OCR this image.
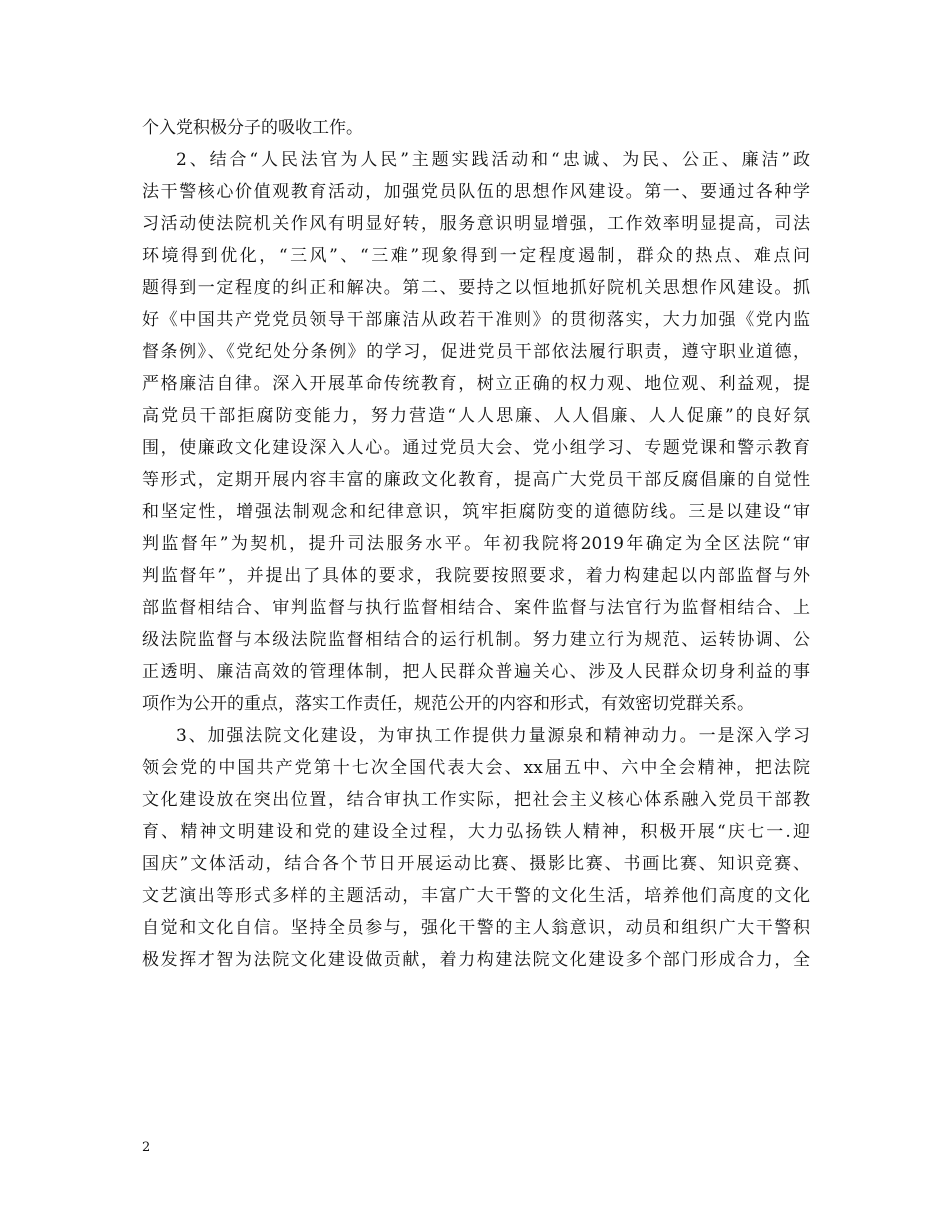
个入党积极分子的吸收工作。
2、结合“人民法官为人民”主题实践活动和“忠诚、为民、公正、廉洁”政
法干警核心价值观教育活动，加强党员队伍的思想作风建设。第一、要通过各种学
习活动使法院机关作风有明显好转，服务意识明显增强，工作效率明显提高，司法
环境得到优化，“三风”、“三难”现象得到一定程度遏制，群众的热点、难点问
题得到一定程度的纠正和解决。第二、要持之以恒地抓好院机关思想作风建设。抓
好《中国共产党党员领导干部廉洁从政若干准则》的贯彻落实，大力加强《党内监
督条例》、《党纪处分条例》的学习，促进党员干部依法履行职责，遵守职业道德，
严格廉洁自律。深入开展革命传统教育，树立正确的权力观、地位观、利益观，提
高党员干部拒腐防变能力，努力营造“人人思廉、人人倡廉、人人促廉”的良好氛
围，使廉政文化建设深入人心。通过党员大会、党小组学习、专题党课和警示教育
等形式，定期开展内容丰富的廉政文化教育，提高广大党员干部反腐倡廉的自觉性
和坚定性，增强法制观念和纪律意识，筑牢拒腐防变的道德防线。三是以建设“审
判监督年”为契机，提升司法服务水平。年初我院将2019年确定为全区法院“审
判监督年”，并提出了具体的要求，我院要按照要求，着力构建起以内部监督与外
部监督相结合、审判监督与执行监督相结合、案件监督与法官行为监督相结合、上
级法院监督与本级法院监督相结合的运行机制。努力建立行为规范、运转协调、公
正透明、廉洁高效的管理体制，把人民群众普遍关心、涉及人民群众切身利益的事
项作为公开的重点，落实工作责任，规范公开的内容和形式，有效密切党群关系。
3、加强法院文化建设，为审执工作提供力量源泉和精神动力。一是深入学习
领会党的中国共产党第十七次全国代表大会、xx届五中、六中全会精神，把法院
文化建设放在突出位置，结合审执工作实际，把社会主义核心体系融入党员干部教
育、精神文明建设和党的建设全过程，大力弘扬铁人精神，积极开展“庆七一.迎
国庆”文体活动，结合各个节日开展运动比赛、摄影比赛、书画比赛、知识竞赛、
文艺演出等形式多样的主题活动，丰富广大干警的文化生活，培养他们高度的文化
自觉和文化自信。坚持全员参与，强化干警的主人翁意识，动员和组织广大干警积
极发挥才智为法院文化建设做贡献，着力构建法院文化建设多个部门形成合力，全
2
